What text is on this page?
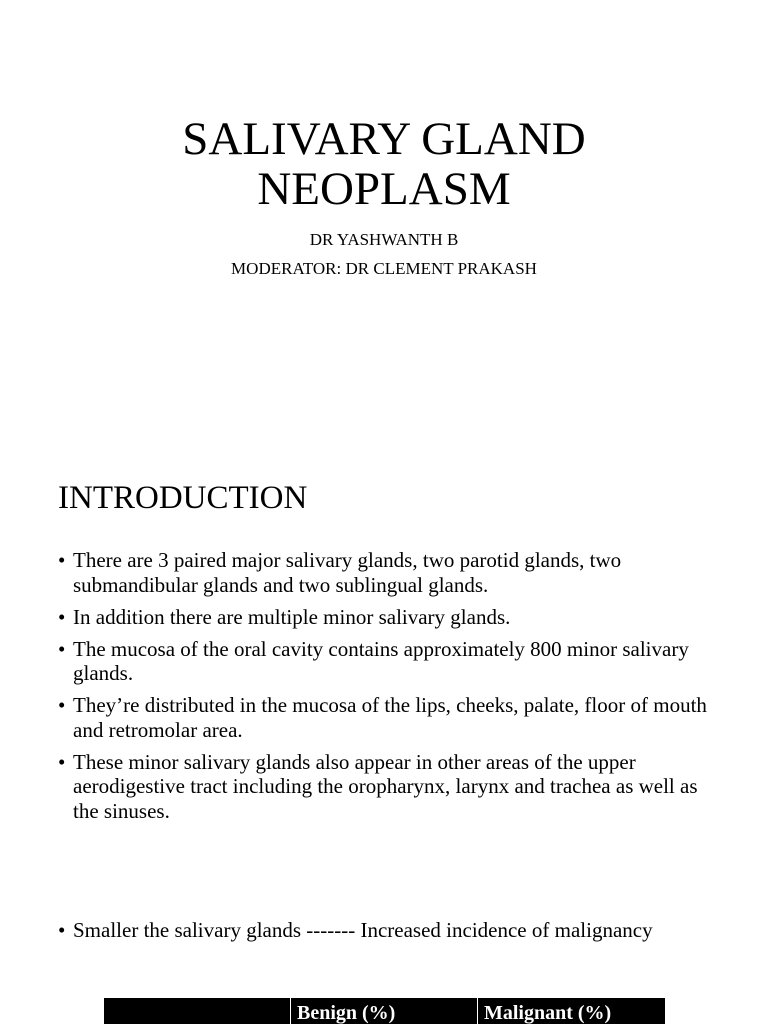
SALIVARY GLAND
NEOPLASM
DR YASHWANTH B
MODERATOR: DR CLEMENT PRAKASH
INTRODUCTION
• There are 3 paired major salivary glands, two parotid glands, two submandibular glands and two sublingual glands.
• In addition there are multiple minor salivary glands.
• The mucosa of the oral cavity contains approximately 800 minor salivary glands.
• They’re distributed in the mucosa of the lips, cheeks, palate, floor of mouth and retromolar area.
• These minor salivary glands also appear in other areas of the upper aerodigestive tract including the oropharynx, larynx and trachea as well as the sinuses.
• Smaller the salivary glands ------- Increased incidence of malignancy
Benign (%)	Malignant (%)
